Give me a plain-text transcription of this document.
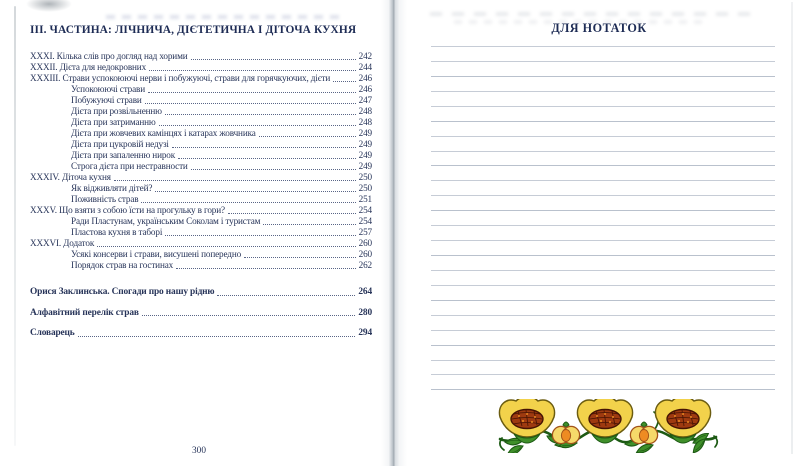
ІІІ. ЧАСТИНА: ЛІЧНИЧА, ДІЄТЕТИЧНА І ДІТОЧА КУХНЯ
XXXI. Кілька слів про догляд над хорими	242
XXXII. Дієта для недокровних	244
XXXIII. Страви успокоюючі нерви і побужуючі, страви для горячкуючих, дієти	246
Успокоюючі страви	246
Побужуючі страви	247
Дієта при розвільненню	248
Дієта при затриманню	248
Дієта при жовчевих камінцях і катарах жовчника	249
Дієта при цукровій недузі	249
Дієта при запаленню нирок	249
Строга дієта при нестравности	249
XXXIV. Діточа кухня	250
Як відживляти дітей?	250
Поживність страв	251
XXXV. Що взяти з собою їсти на прогульку в гори?	254
Ради Пластунам, українським Соколам і туристам	254
Пластова кухня в таборі	257
XXXVI. Додаток	260
Усякі консерви і страви, висушені попередно	260
Порядок страв на гостинах	262
Орися Заклинська. Спогади про нашу рідню	264
Алфавітний перелік страв	280
Словарець	294
300
ДЛЯ НОТАТОК
